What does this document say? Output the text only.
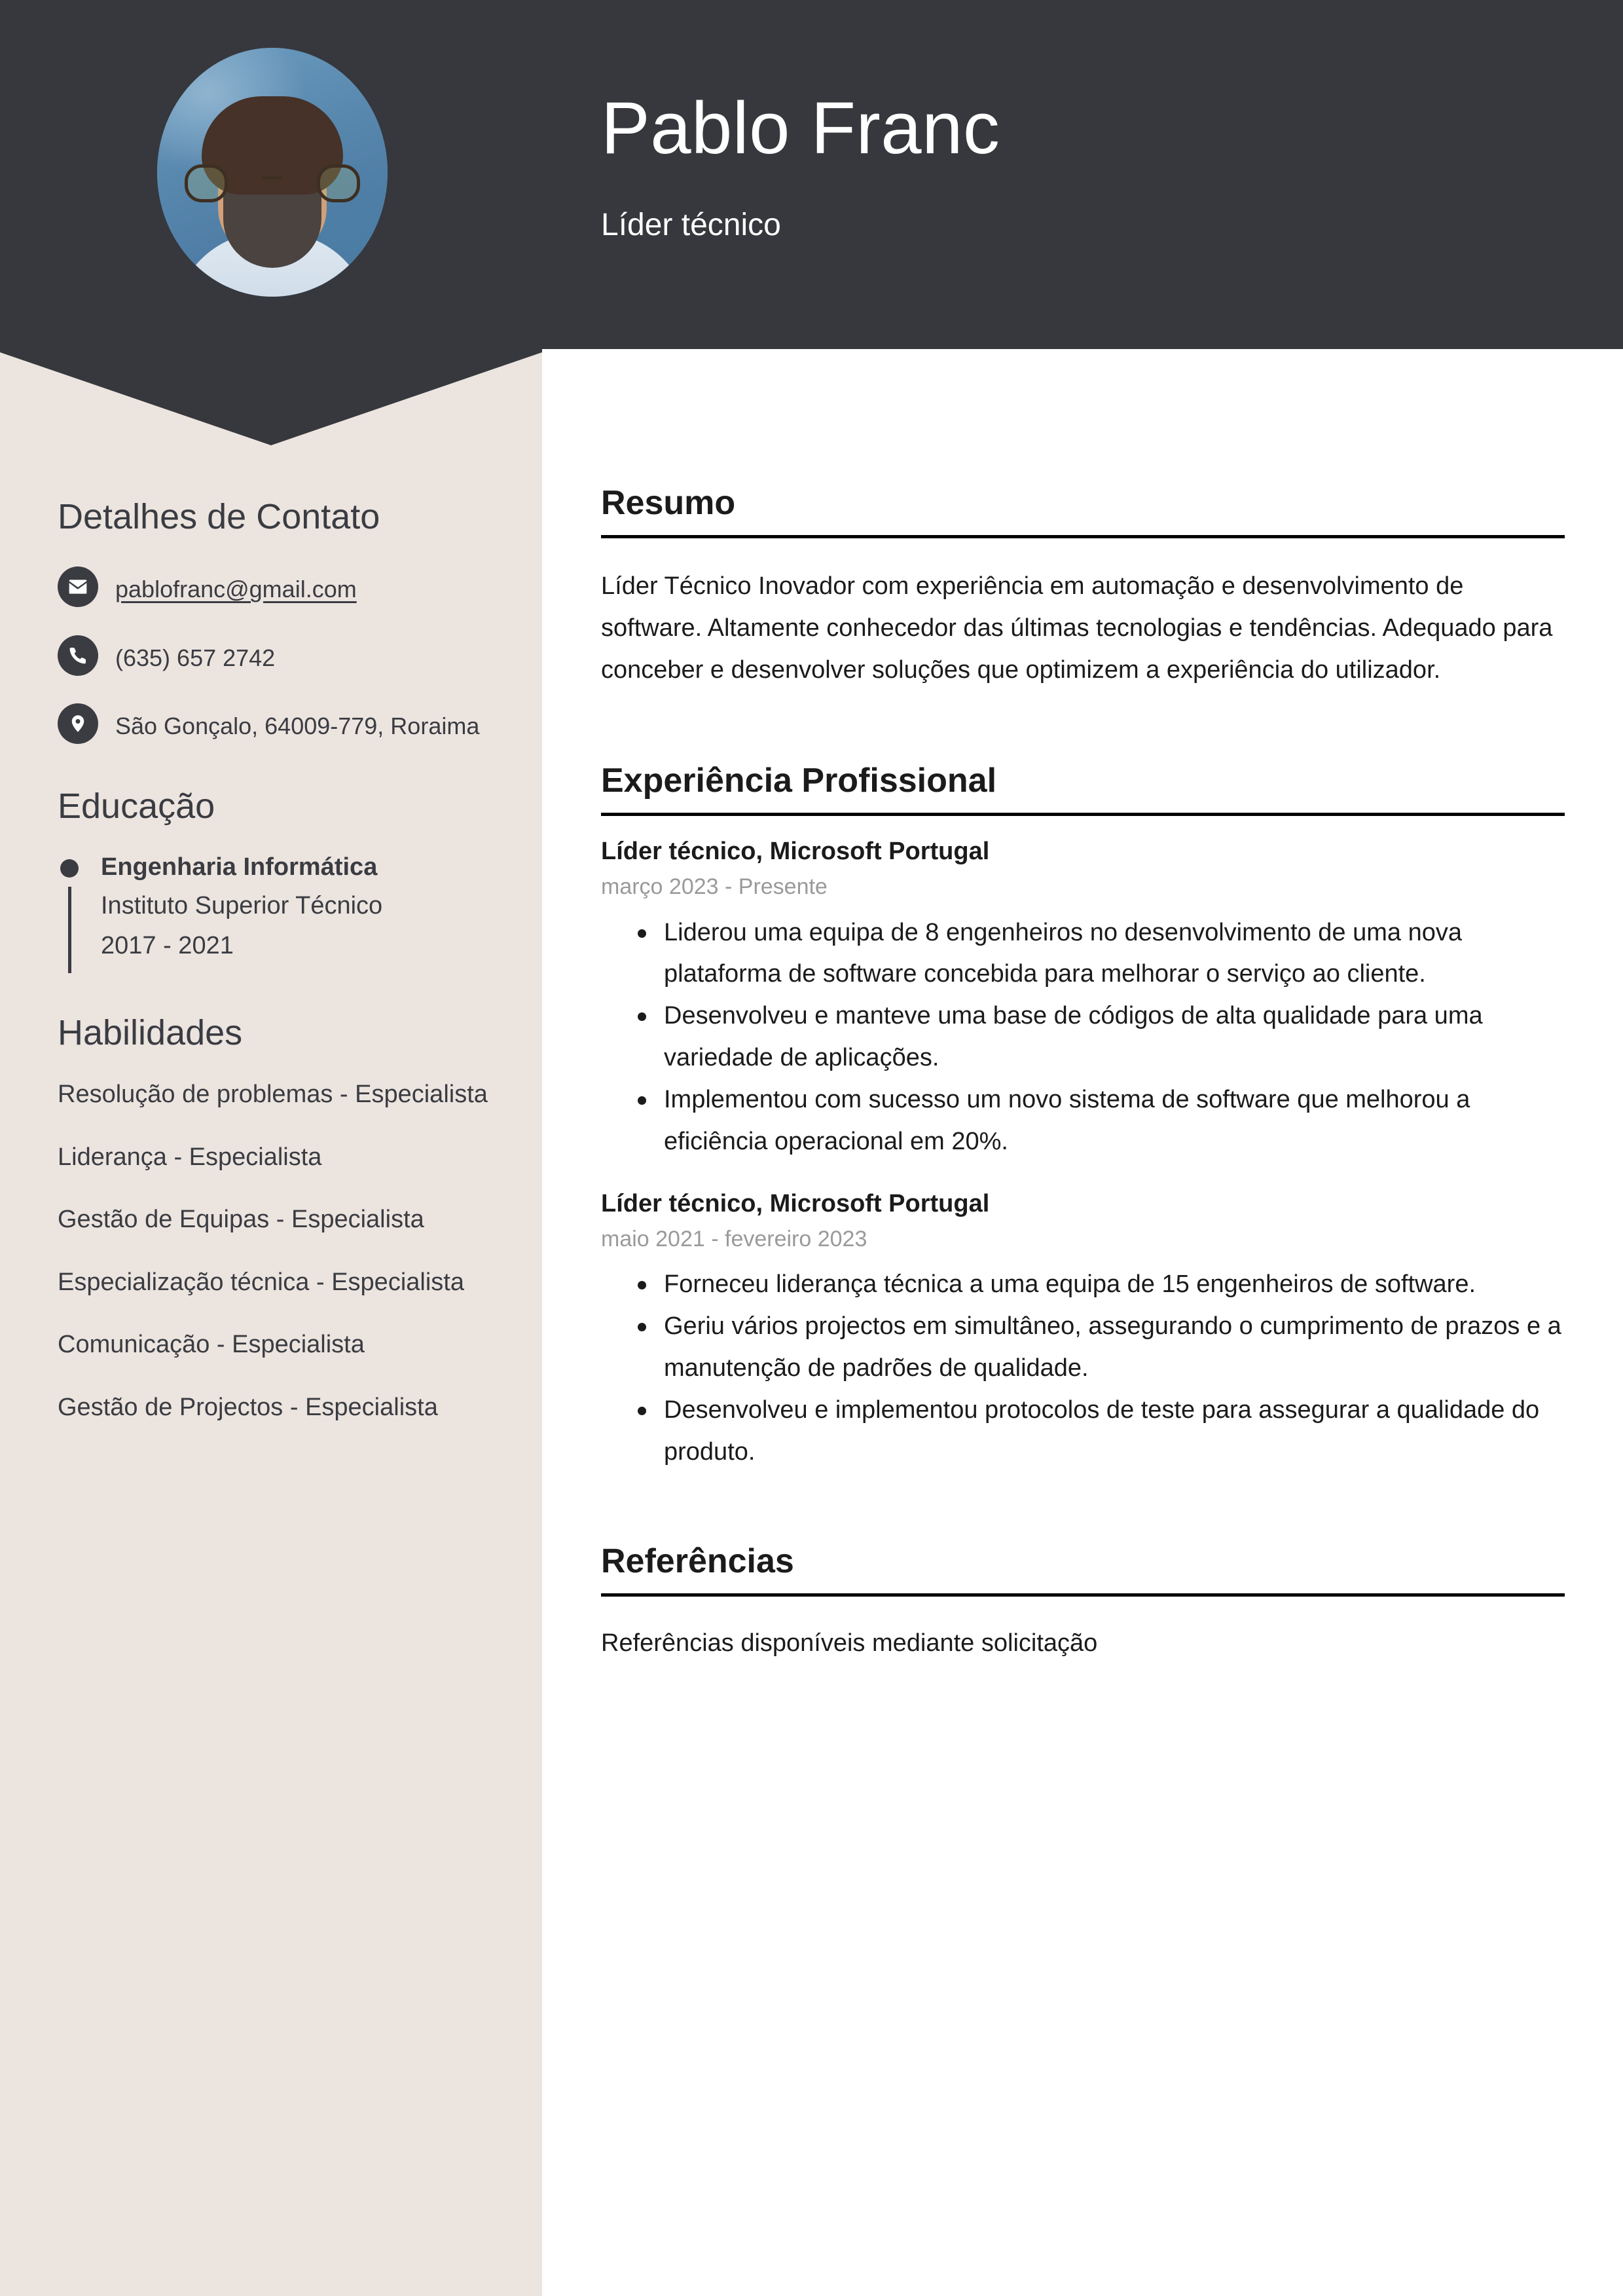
Pablo Franc
Líder técnico
Detalhes de Contato
pablofranc@gmail.com
(635) 657 2742
São Gonçalo, 64009-779, Roraima
Educação
Engenharia Informática
Instituto Superior Técnico
2017 - 2021
Habilidades
Resolução de problemas - Especialista
Liderança - Especialista
Gestão de Equipas - Especialista
Especialização técnica - Especialista
Comunicação - Especialista
Gestão de Projectos - Especialista
Resumo

Líder Técnico Inovador com experiência em automação e desenvolvimento de software. Altamente conhecedor das últimas tecnologias e tendências. Adequado para conceber e desenvolver soluções que optimizem a experiência do utilizador.

Experiência Profissional

Líder técnico, Microsoft Portugal

março 2023 - Presente

Liderou uma equipa de 8 engenheiros no desenvolvimento de uma nova plataforma de software concebida para melhorar o serviço ao cliente.
Desenvolveu e manteve uma base de códigos de alta qualidade para uma variedade de aplicações.
Implementou com sucesso um novo sistema de software que melhorou a eficiência operacional em 20%.

Líder técnico, Microsoft Portugal

maio 2021 - fevereiro 2023

Forneceu liderança técnica a uma equipa de 15 engenheiros de software.
Geriu vários projectos em simultâneo, assegurando o cumprimento de prazos e a manutenção de padrões de qualidade.
Desenvolveu e implementou protocolos de teste para assegurar a qualidade do produto.
Referências

Referências disponíveis mediante solicitação
